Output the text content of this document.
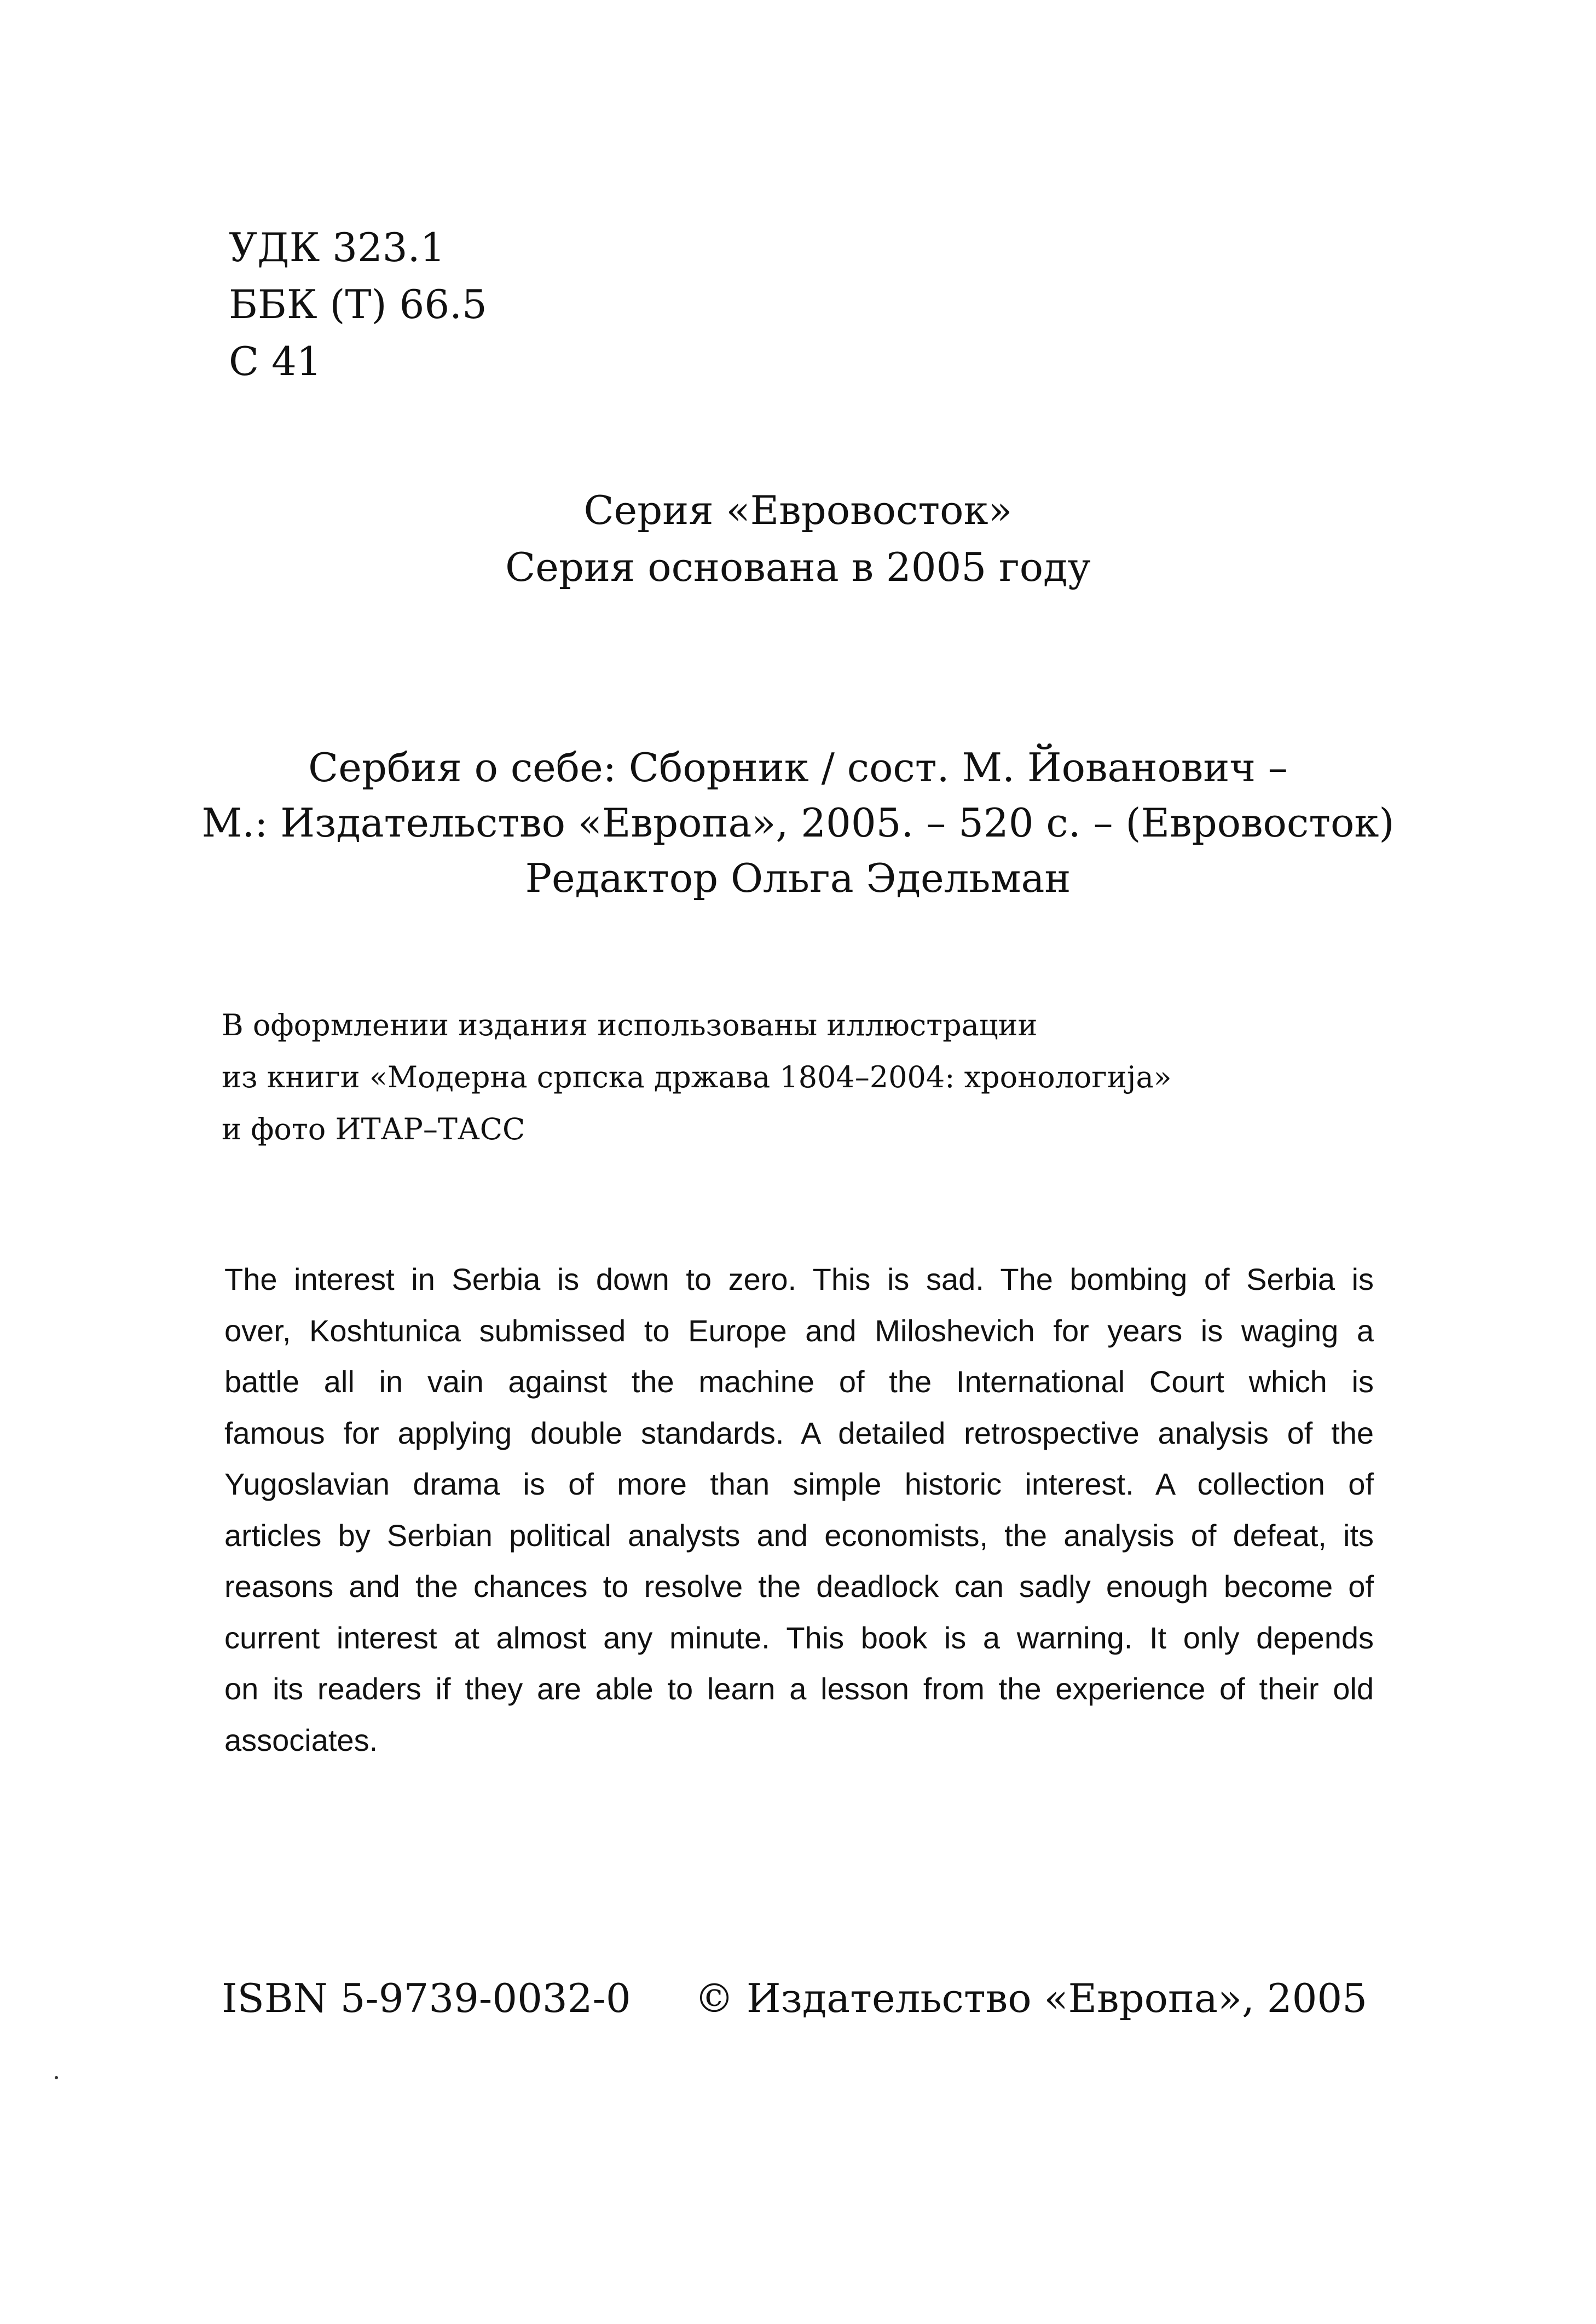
УДК 323.1
ББК (Т) 66.5
С 41
Серия «Евровосток»
Серия основана в 2005 году
Сербия о себе: Сборник / сост. М. Йованович –
М.: Издательство «Европа», 2005. – 520 с. – (Евровосток)
Редактор Ольга Эдельман
В оформлении издания использованы иллюстрации
из книги «Модерна српска држава 1804–2004: хронологија»
и фото ИТАР–ТАСС
The interest in Serbia is down to zero. This is sad. The bombing of Serbia is
over, Koshtunica submissed to Europe and Miloshevich for years is waging a
battle all in vain against the machine of the International Court which is
famous for applying double standards. A detailed retrospective analysis of the
Yugoslavian drama is of more than simple historic interest. A collection of
articles by Serbian political analysts and economists, the analysis of defeat, its
reasons and the chances to resolve the deadlock can sadly enough become of
current interest at almost any minute. This book is a warning. It only depends
on its readers if they are able to learn a lesson from the experience of their old
associates.
ISBN 5-9739-0032-0 © Издательство «Европа», 2005
